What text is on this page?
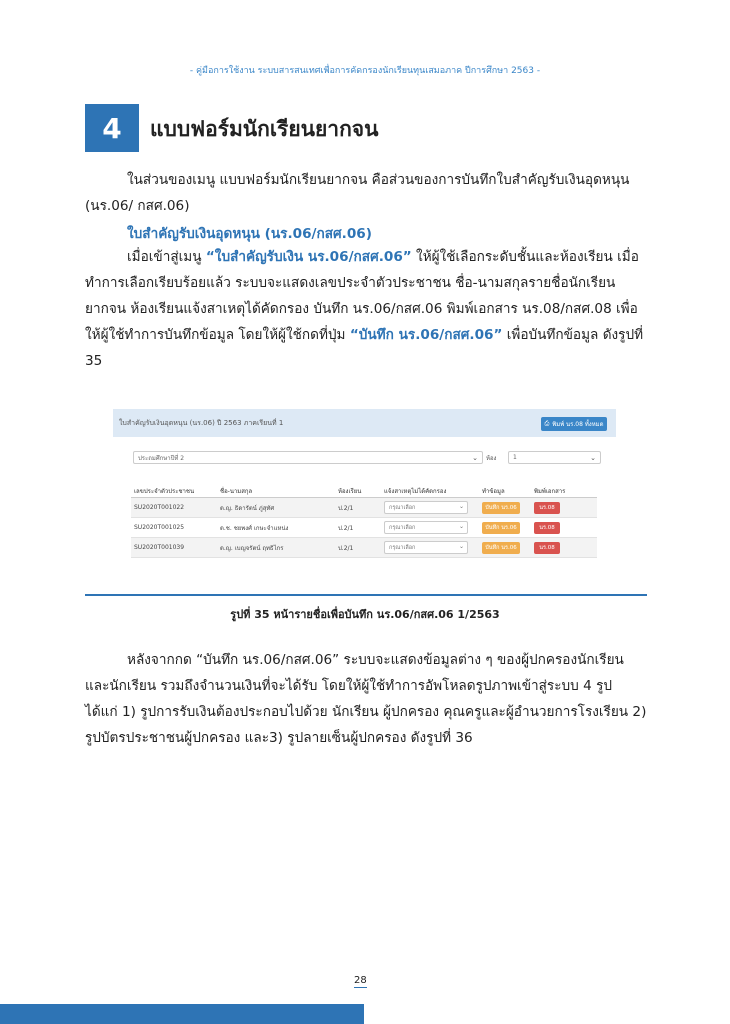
- คู่มือการใช้งาน ระบบสารสนเทศเพื่อการคัดกรองนักเรียนทุนเสมอภาค ปีการศึกษา 2563 -
4	แบบฟอร์มนักเรียนยากจน
ในส่วนของเมนู แบบฟอร์มนักเรียนยากจน คือส่วนของการบันทึกใบสำคัญรับเงินอุดหนุน
(นร.06/ กสศ.06)
ใบสำคัญรับเงินอุดหนุน (นร.06/กสศ.06)
เมื่อเข้าสู่เมนู “ใบสำคัญรับเงิน นร.06/กสศ.06” ให้ผู้ใช้เลือกระดับชั้นและห้องเรียน เมื่อทำการเลือกเรียบร้อยแล้ว ระบบจะแสดงเลขประจำตัวประชาชน ชื่อ-นามสกุลรายชื่อนักเรียนยากจน ห้องเรียนแจ้งสาเหตุได้คัดกรอง บันทึก นร.06/กสศ.06 พิมพ์เอกสาร นร.08/กสศ.08 เพื่อให้ผู้ใช้ทำการบันทึกข้อมูล โดยให้ผู้ใช้กดที่ปุ่ม “บันทึก นร.06/กสศ.06” เพื่อบันทึกข้อมูล ดังรูปที่ 35
ใบสำคัญรับเงินอุดหนุน (นร.06) ปี 2563 ภาคเรียนที่ 1	⎙ พิมพ์ นร.08 ทั้งหมด
ประถมศึกษาปีที่ 2	⌄ ห้อง	1	⌄
เลขประจำตัวประชาชน	ชื่อ-นามสกุล	ห้องเรียน	แจ้งสาเหตุไม่ได้คัดกรอง	ทำข้อมูล	พิมพ์เอกสาร
SU2020T001022	ด.ญ. ธิดารัตน์ ภู่สุทัศ	ป.2/1	กรุณาเลือก ⌄	บันทึก นร.06	นร.08
SU2020T001025	ด.ช. ชยพงศ์ เกษะจำแหน่ง	ป.2/1	กรุณาเลือก ⌄	บันทึก นร.06	นร.08
SU2020T001039	ด.ญ. เบญจรัตน์ ฤทธิไกร	ป.2/1	กรุณาเลือก ⌄	บันทึก นร.06	นร.08
รูปที่ 35 หน้ารายชื่อเพื่อบันทึก นร.06/กสศ.06 1/2563
หลังจากกด “บันทึก นร.06/กสศ.06” ระบบจะแสดงข้อมูลต่าง ๆ ของผู้ปกครองนักเรียนและนักเรียน รวมถึงจำนวนเงินที่จะได้รับ โดยให้ผู้ใช้ทำการอัพโหลดรูปภาพเข้าสู่ระบบ 4 รูป ได้แก่ 1) รูปการรับเงินต้องประกอบไปด้วย นักเรียน ผู้ปกครอง คุณครูและผู้อำนวยการโรงเรียน 2) รูปบัตรประชาชนผู้ปกครอง และ3) รูปลายเซ็นผู้ปกครอง ดังรูปที่ 36
28
